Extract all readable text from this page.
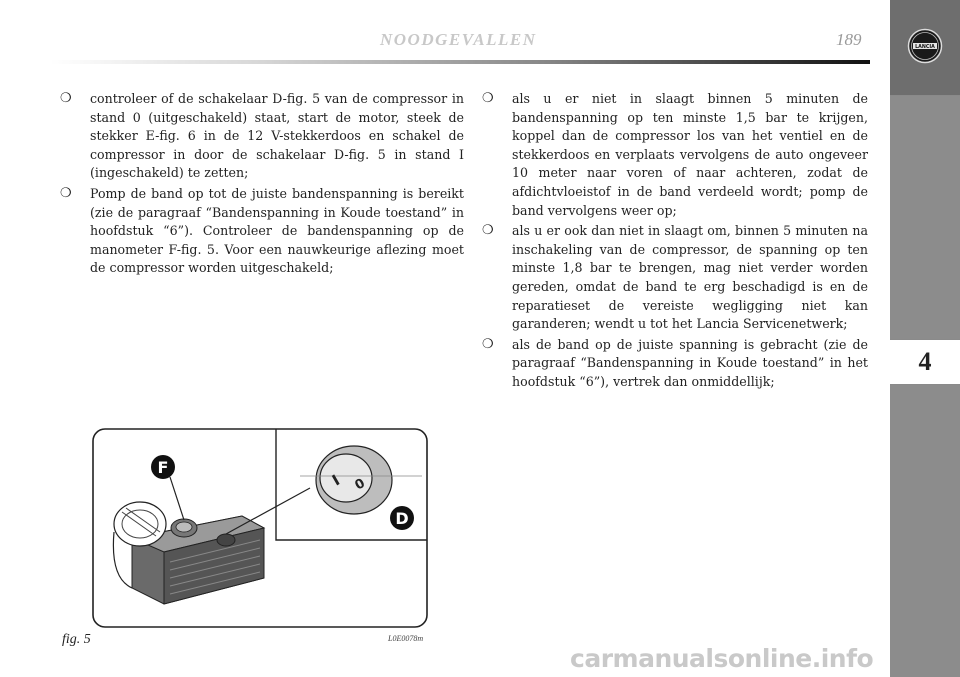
NOODGEVALLEN	189	LANCIA
4

❍ controleer of de schakelaar D-fig. 5 van de compressor in stand 0 (uitgeschakeld) staat, start de motor, steek de stekker E-fig. 6 in de 12 V-stekkerdoos en schakel de compressor in door de schakelaar D-fig. 5 in stand I (ingeschakeld) te zetten;

❍ Pomp de band op tot de juiste bandenspanning is bereikt (zie de paragraaf “Bandenspanning in Koude toestand” in hoofdstuk “6”). Controleer de bandenspanning op de manometer F-fig. 5. Voor een nauwkeurige aflezing moet de compressor worden uitgeschakeld;

❍ als u er niet in slaagt binnen 5 minuten de bandenspanning op ten minste 1,5 bar te krijgen, koppel dan de compressor los van het ventiel en de stekkerdoos en verplaats vervolgens de auto ongeveer 10 meter naar voren of naar achteren, zodat de afdichtvloeistof in de band verdeeld wordt; pomp de band vervolgens weer op;

❍ als u er ook dan niet in slaagt om, binnen 5 minuten na inschakeling van de compressor, de spanning op ten minste 1,8 bar te brengen, mag niet verder worden gereden, omdat de band te erg beschadigd is en de reparatieset de vereiste wegligging niet kan garanderen; wendt u tot het Lancia Servicenetwerk;

❍ als de band op de juiste spanning is gebracht (zie de paragraaf “Bandenspanning in Koude toestand” in het hoofdstuk “6”), vertrek dan onmiddellijk;

F
I 0
D
fig. 5	L0E0078m
carmanualsonline.info
